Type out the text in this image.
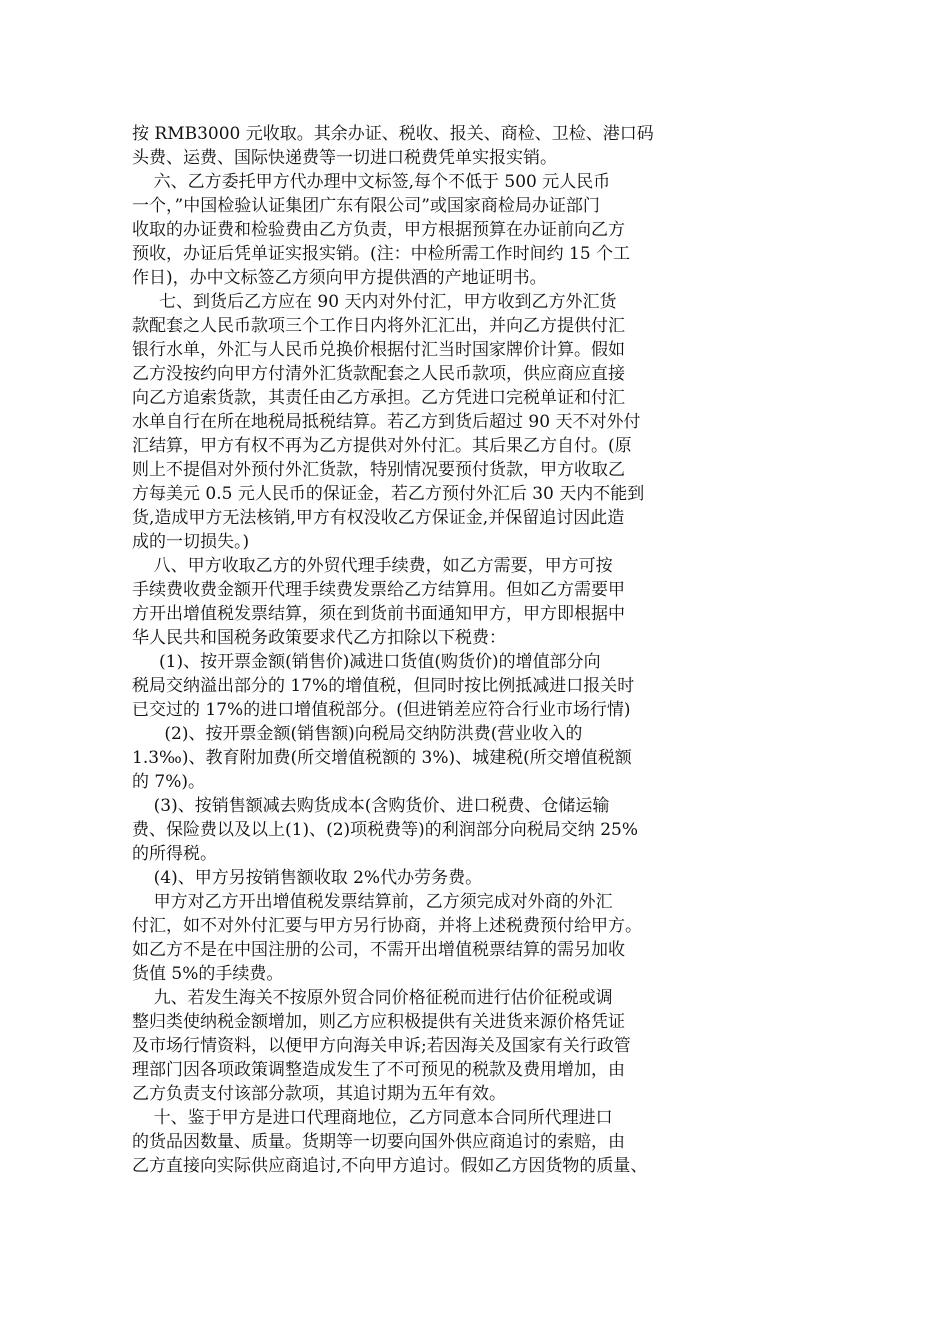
按 RMB3000 元收取。其余办证、税收、报关、商检、卫检、港口码
头费、运费、国际快递费等一切进口税费凭单实报实销。
六、乙方委托甲方代办理中文标签,每个不低于 500 元人民币
一个，”中国检验认证集团广东有限公司”或国家商检局办证部门
收取的办证费和检验费由乙方负责，甲方根据预算在办证前向乙方
预收，办证后凭单证实报实销。(注：中检所需工作时间约 15 个工
作日)，办中文标签乙方须向甲方提供酒的产地证明书。
七、到货后乙方应在 90 天内对外付汇，甲方收到乙方外汇货
款配套之人民币款项三个工作日内将外汇汇出，并向乙方提供付汇
银行水单，外汇与人民币兑换价根据付汇当时国家牌价计算。假如
乙方没按约向甲方付清外汇货款配套之人民币款项，供应商应直接
向乙方追索货款，其责任由乙方承担。乙方凭进口完税单证和付汇
水单自行在所在地税局抵税结算。若乙方到货后超过 90 天不对外付
汇结算，甲方有权不再为乙方提供对外付汇。其后果乙方自付。(原
则上不提倡对外预付外汇货款，特别情况要预付货款，甲方收取乙
方每美元 0.5 元人民币的保证金，若乙方预付外汇后 30 天内不能到
货,造成甲方无法核销,甲方有权没收乙方保证金,并保留追讨因此造
成的一切损失。)
八、甲方收取乙方的外贸代理手续费，如乙方需要，甲方可按
手续费收费金额开代理手续费发票给乙方结算用。但如乙方需要甲
方开出增值税发票结算，须在到货前书面通知甲方，甲方即根据中
华人民共和国税务政策要求代乙方扣除以下税费：
(1)、按开票金额(销售价)减进口货值(购货价)的增值部分向
税局交纳溢出部分的 17%的增值税，但同时按比例抵减进口报关时
已交过的 17%的进口增值税部分。(但进销差应符合行业市场行情)
(2)、按开票金额(销售额)向税局交纳防洪费(营业收入的
1.3‰)、教育附加费(所交增值税额的 3%)、城建税(所交增值税额
的 7%)。
(3)、按销售额减去购货成本(含购货价、进口税费、仓储运输
费、保险费以及以上(1)、(2)项税费等)的利润部分向税局交纳 25%
的所得税。
(4)、甲方另按销售额收取 2%代办劳务费。
甲方对乙方开出增值税发票结算前，乙方须完成对外商的外汇
付汇，如不对外付汇要与甲方另行协商，并将上述税费预付给甲方。
如乙方不是在中国注册的公司，不需开出增值税票结算的需另加收
货值 5%的手续费。
九、若发生海关不按原外贸合同价格征税而进行估价征税或调
整归类使纳税金额增加，则乙方应积极提供有关进货来源价格凭证
及市场行情资料，以便甲方向海关申诉;若因海关及国家有关行政管
理部门因各项政策调整造成发生了不可预见的税款及费用增加，由
乙方负责支付该部分款项，其追讨期为五年有效。
十、鉴于甲方是进口代理商地位，乙方同意本合同所代理进口
的货品因数量、质量。货期等一切要向国外供应商追讨的索赔，由
乙方直接向实际供应商追讨,不向甲方追讨。假如乙方因货物的质量、
